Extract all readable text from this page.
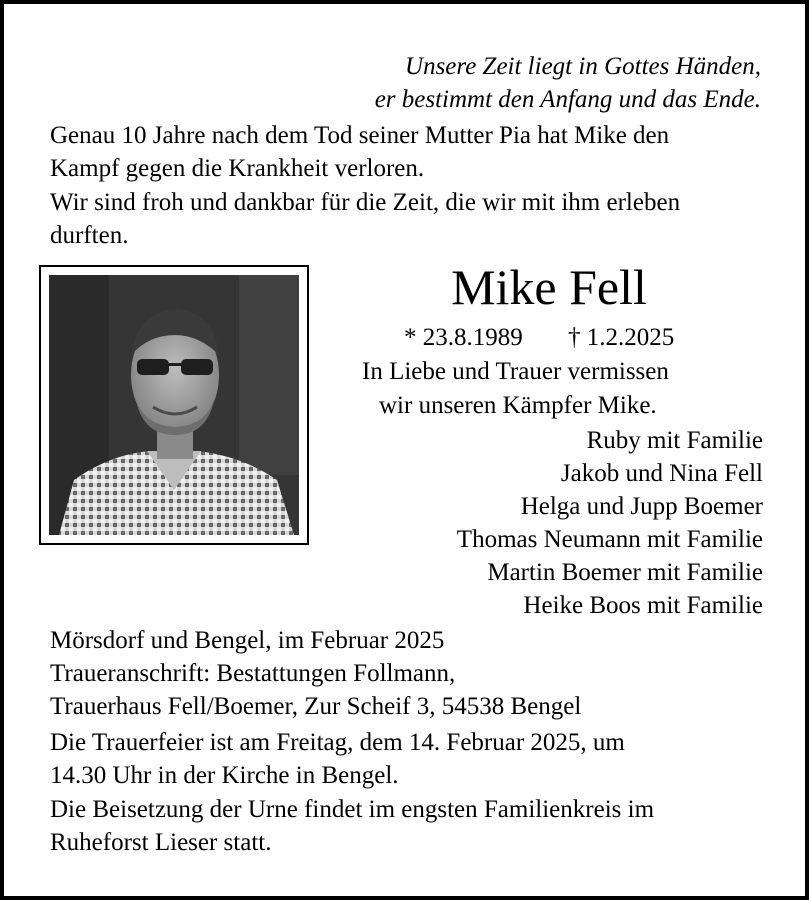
Unsere Zeit liegt in Gottes Händen,
er bestimmt den Anfang und das Ende.
Genau 10 Jahre nach dem Tod seiner Mutter Pia hat Mike den
Kampf gegen die Krankheit verloren.
Wir sind froh und dankbar für die Zeit, die wir mit ihm erleben
durften.
Mike Fell
* 23.8.1989 † 1.2.2025
In Liebe und Trauer vermissen
wir unseren Kämpfer Mike.
Ruby mit Familie
Jakob und Nina Fell
Helga und Jupp Boemer
Thomas Neumann mit Familie
Martin Boemer mit Familie
Heike Boos mit Familie
Mörsdorf und Bengel, im Februar 2025
Traueranschrift: Bestattungen Follmann,
Trauerhaus Fell/Boemer, Zur Scheif 3, 54538 Bengel
Die Trauerfeier ist am Freitag, dem 14. Februar 2025, um
14.30 Uhr in der Kirche in Bengel.
Die Beisetzung der Urne findet im engsten Familienkreis im
Ruheforst Lieser statt.
